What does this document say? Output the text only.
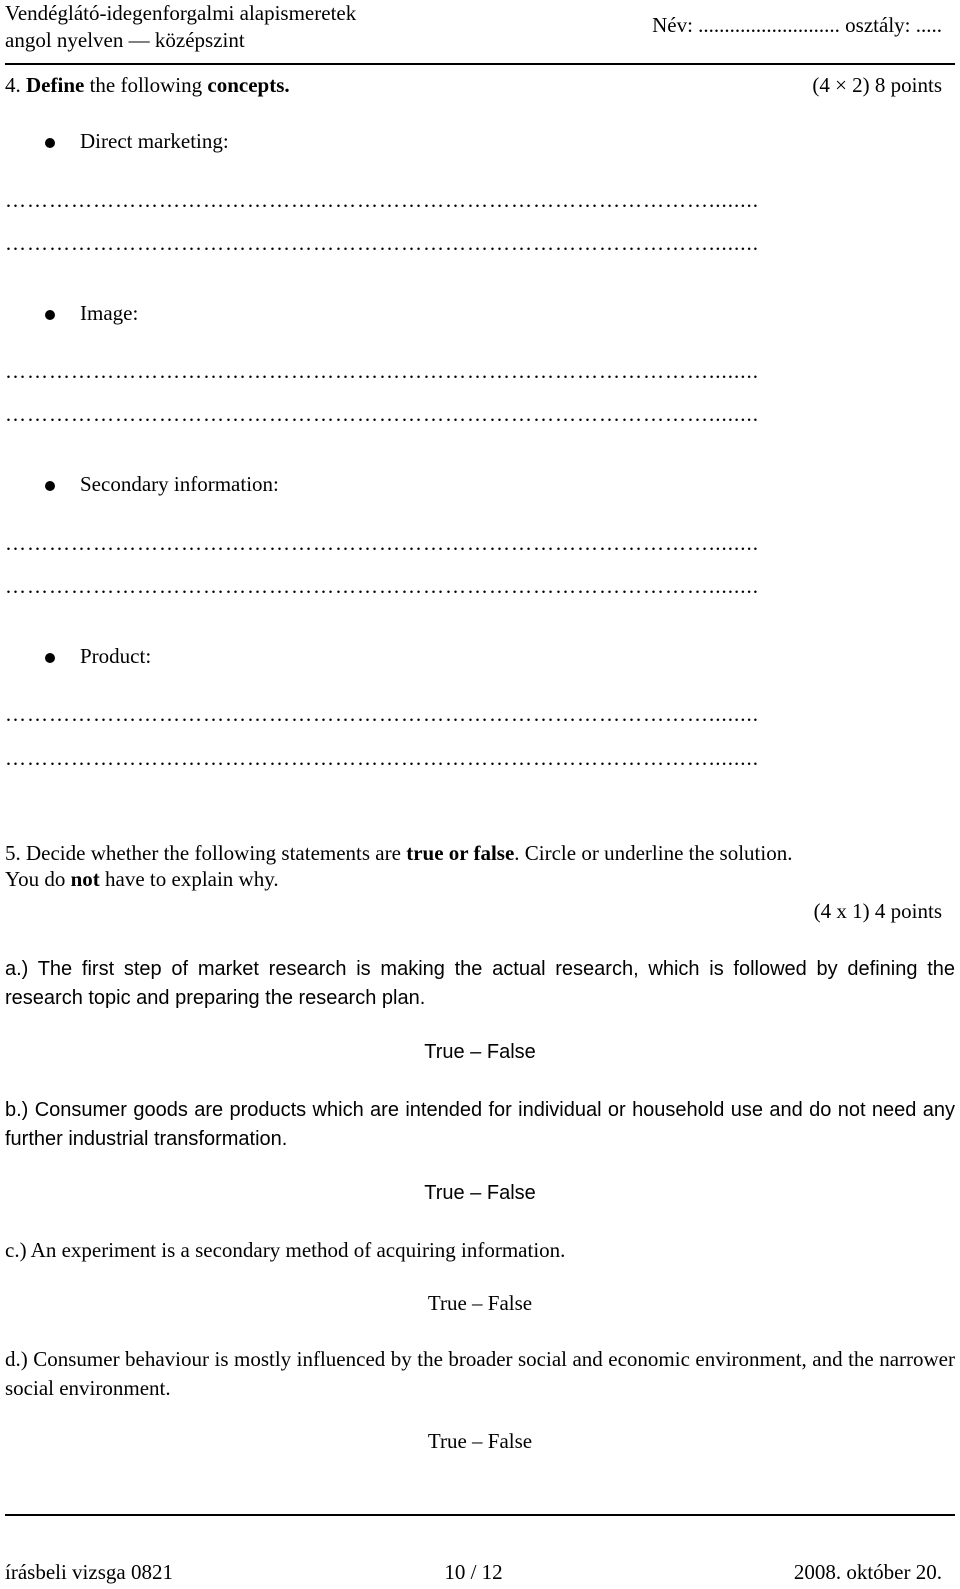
Vendéglátó-idegenforgalmi alapismeretek
angol nyelven — középszint
Név: ........................... osztály: .....
4. Define the following concepts.	(4 × 2) 8 points
Direct marketing:
……………………………………………………………………………………........
……………………………………………………………………………………........
Image:
……………………………………………………………………………………........
……………………………………………………………………………………........
Secondary information:
……………………………………………………………………………………........
……………………………………………………………………………………........
Product:
……………………………………………………………………………………........
……………………………………………………………………………………........
5. Decide whether the following statements are true or false. Circle or underline the solution.
You do not have to explain why.
(4 x 1) 4 points
a.) The first step of market research is making the actual research, which is followed by defining the research topic and preparing the research plan.
True – False
b.) Consumer goods are products which are intended for individual or household use and do not need any further industrial transformation.
True – False
c.) An experiment is a secondary method of acquiring information.
True – False
d.) Consumer behaviour is mostly influenced by the broader social and economic environment, and the narrower social environment.
True – False
írásbeli vizsga 0821	10 / 12	2008. október 20.
